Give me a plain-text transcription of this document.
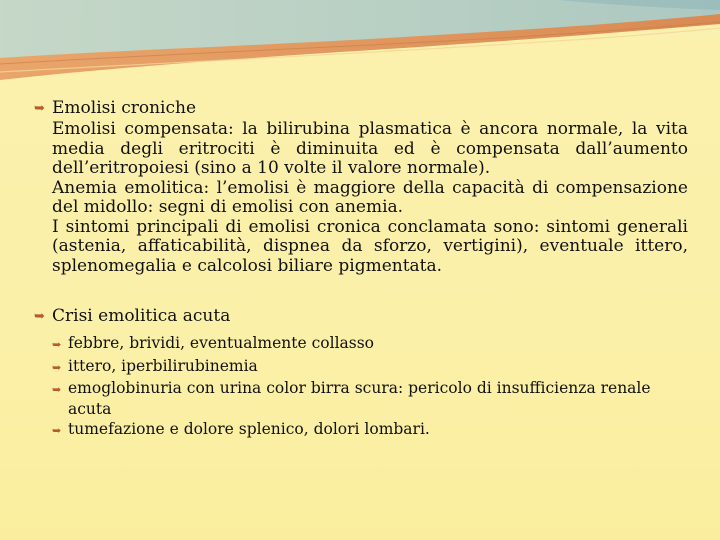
➥ Emolisi croniche
Emolisi compensata: la bilirubina plasmatica è ancora normale, la vita media degli eritrociti è diminuita ed è compensata dall’aumento dell’eritropoiesi (sino a 10 volte il valore normale).
Anemia emolitica: l’emolisi è maggiore della capacità di compensazione del midollo: segni di emolisi con anemia.
I sintomi principali di emolisi cronica conclamata sono: sintomi generali (astenia, affaticabilità, dispnea da sforzo, vertigini), eventuale ittero, splenomegalia e calcolosi biliare pigmentata.
➥ Crisi emolitica acuta
➥ febbre, brividi, eventualmente collasso
➥ ittero, iperbilirubinemia
➥ emoglobinuria con urina color birra scura: pericolo di insufficienza renale acuta
➥ tumefazione e dolore splenico, dolori lombari.
